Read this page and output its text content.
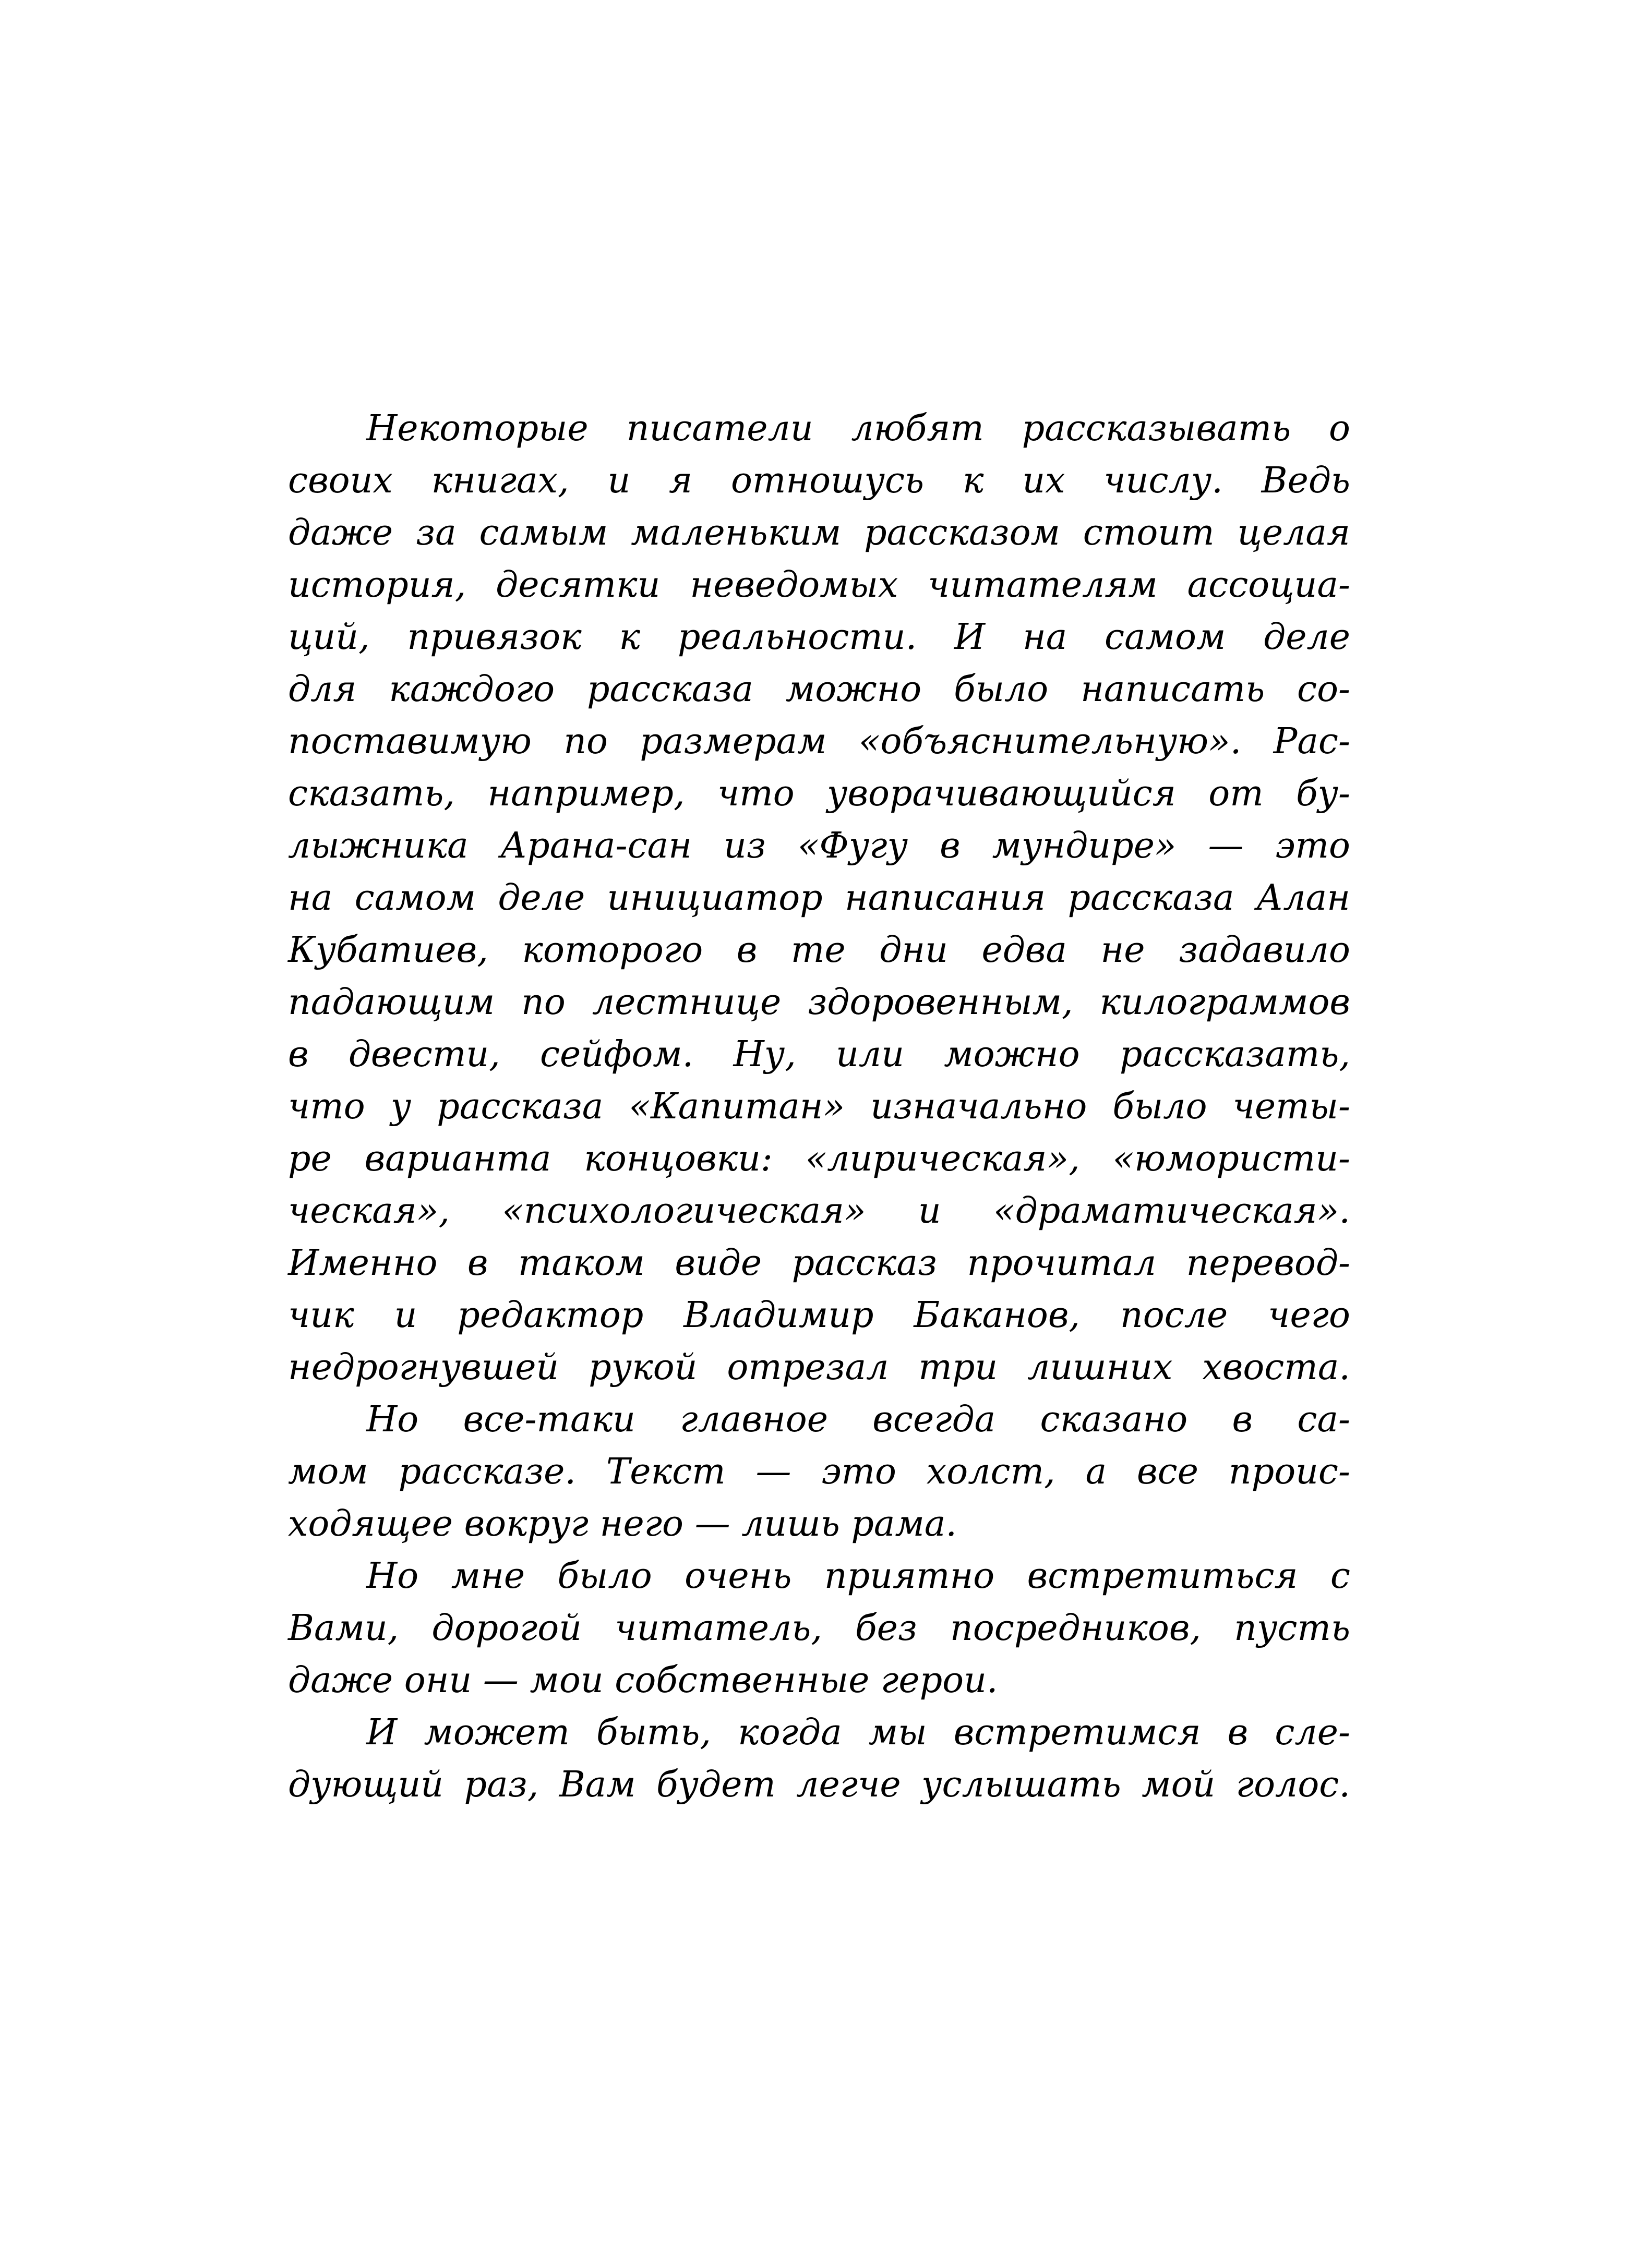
Некоторые писатели любят рассказывать о
своих книгах, и я отношусь к их числу. Ведь
даже за самым маленьким рассказом стоит целая
история, десятки неведомых читателям ассоциа-
ций, привязок к реальности. И на самом деле
для каждого рассказа можно было написать со-
поставимую по размерам «объяснительную». Рас-
сказать, например, что уворачивающийся от бу-
лыжника Арана-сан из «Фугу в мундире» — это
на самом деле инициатор написания рассказа Алан
Кубатиев, которого в те дни едва не задавило
падающим по лестнице здоровенным, килограммов
в двести, сейфом. Ну, или можно рассказать,
что у рассказа «Капитан» изначально было четы-
ре варианта концовки: «лирическая», «юмористи-
ческая», «психологическая» и «драматическая».
Именно в таком виде рассказ прочитал перевод-
чик и редактор Владимир Баканов, после чего
недрогнувшей рукой отрезал три лишних хвоста.
Но все-таки главное всегда сказано в са-
мом рассказе. Текст — это холст, а все проис-
ходящее вокруг него — лишь рама.
Но мне было очень приятно встретиться с
Вами, дорогой читатель, без посредников, пусть
даже они — мои собственные герои.
И может быть, когда мы встретимся в сле-
дующий раз, Вам будет легче услышать мой голос.
